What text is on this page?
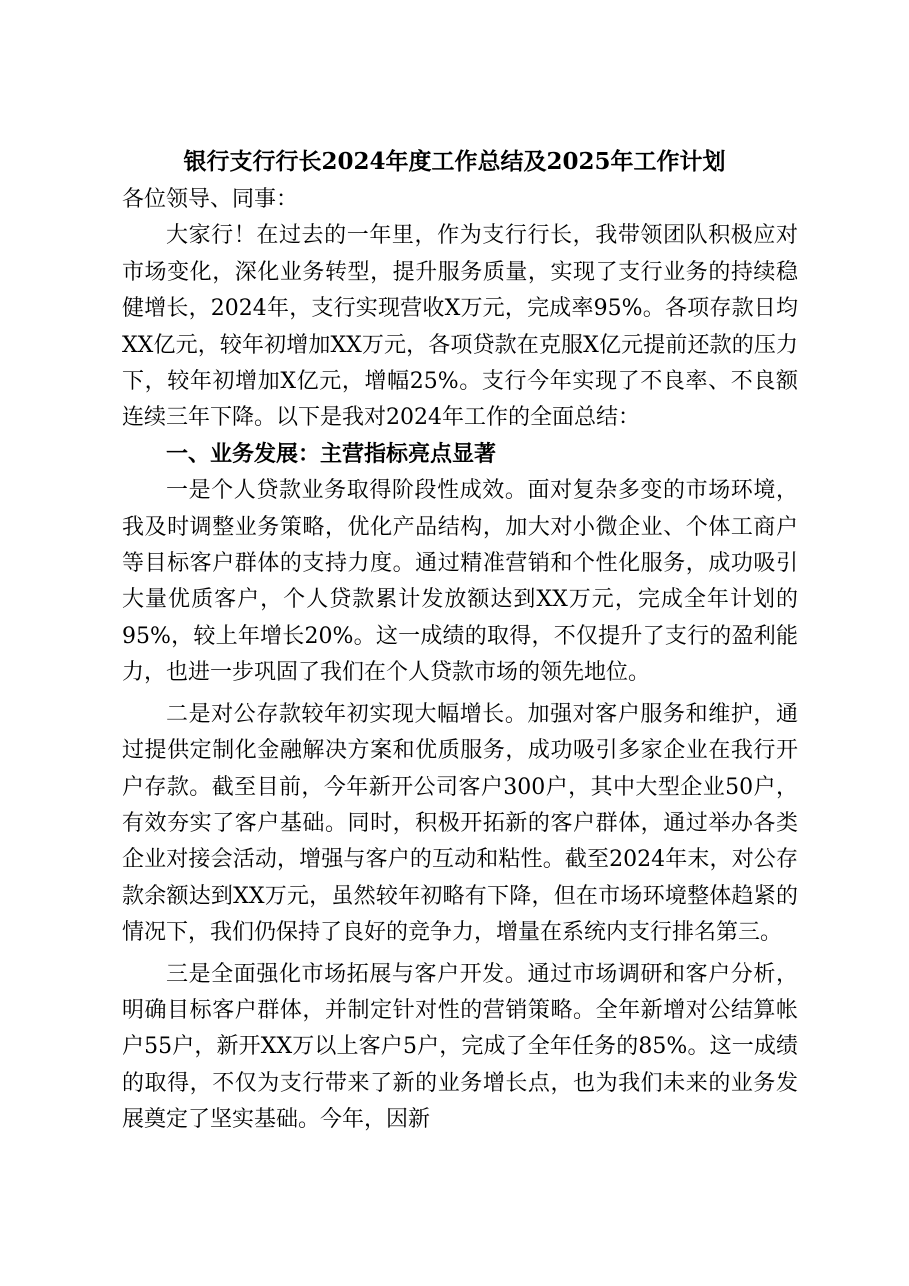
银行支行行长2024年度工作总结及2025年工作计划

各位领导、同事：

大家行！在过去的一年里，作为支行行长，我带领团队积极应对市场变化，深化业务转型，提升服务质量，实现了支行业务的持续稳健增长，2024年，支行实现营收X万元，完成率95%。各项存款日均XX亿元，较年初增加XX万元，各项贷款在克服X亿元提前还款的压力下，较年初增加X亿元，增幅25%。支行今年实现了不良率、不良额连续三年下降。以下是我对2024年工作的全面总结：

一、业务发展：主营指标亮点显著

一是个人贷款业务取得阶段性成效。面对复杂多变的市场环境，我及时调整业务策略，优化产品结构，加大对小微企业、个体工商户等目标客户群体的支持力度。通过精准营销和个性化服务，成功吸引大量优质客户，个人贷款累计发放额达到XX万元，完成全年计划的95%，较上年增长20%。这一成绩的取得，不仅提升了支行的盈利能力，也进一步巩固了我们在个人贷款市场的领先地位。

二是对公存款较年初实现大幅增长。加强对客户服务和维护，通过提供定制化金融解决方案和优质服务，成功吸引多家企业在我行开户存款。截至目前，今年新开公司客户300户，其中大型企业50户，有效夯实了客户基础。同时，积极开拓新的客户群体，通过举办各类企业对接会活动，增强与客户的互动和粘性。截至2024年末，对公存款余额达到XX万元，虽然较年初略有下降，但在市场环境整体趋紧的情况下，我们仍保持了良好的竞争力，增量在系统内支行排名第三。

三是全面强化市场拓展与客户开发。通过市场调研和客户分析，明确目标客户群体，并制定针对性的营销策略。全年新增对公结算帐户55户，新开XX万以上客户5户，完成了全年任务的85%。这一成绩的取得，不仅为支行带来了新的业务增长点，也为我们未来的业务发展奠定了坚实基础。今年，因新
